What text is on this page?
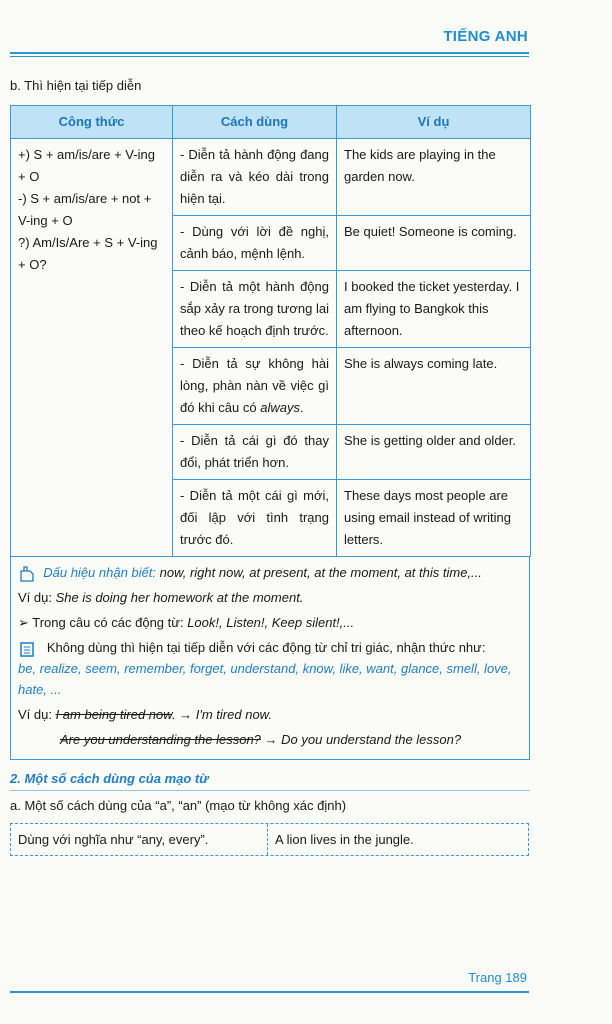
TIẾNG ANH
b. Thì hiện tại tiếp diễn
Công thức	Cách dùng	Ví dụ

+) S + am/is/are + V-ing + O
-) S + am/is/are + not + V-ing + O
?) Am/Is/Are + S + V-ing + O?	- Diễn tả hành động đang diễn ra và kéo dài trong hiện tại.	The kids are playing in the garden now.
	- Dùng với lời đề nghị, cảnh báo, mệnh lệnh.	Be quiet! Someone is coming.
	- Diễn tả một hành động sắp xảy ra trong tương lai theo kế hoạch định trước.	I booked the ticket yesterday. I am flying to Bangkok this afternoon.
	- Diễn tả sự không hài lòng, phàn nàn về việc gì đó khi câu có always.	She is always coming late.
	- Diễn tả cái gì đó thay đổi, phát triển hơn.	She is getting older and older.
	- Diễn tả một cái gì mới, đối lập với tình trạng trước đó.	These days most people are using email instead of writing letters.

Dấu hiệu nhận biết: now, right now, at present, at the moment, at this time,...

Ví dụ: She is doing her homework at the moment.

➢ Trong câu có các động từ: Look!, Listen!, Keep silent!,...

Không dùng thì hiện tại tiếp diễn với các động từ chỉ tri giác, nhận thức như:

be, realize, seem, remember, forget, understand, know, like, want, glance, smell, love, hate, ...

Ví dụ: I am being tired now. → I'm tired now.

Are you understanding the lesson? → Do you understand the lesson?

2. Một số cách dùng của mạo từ
a. Một số cách dùng của “a”, “an” (mạo từ không xác định)
Dùng với nghĩa như “any, every”.	A lion lives in the jungle.
Trang 189
